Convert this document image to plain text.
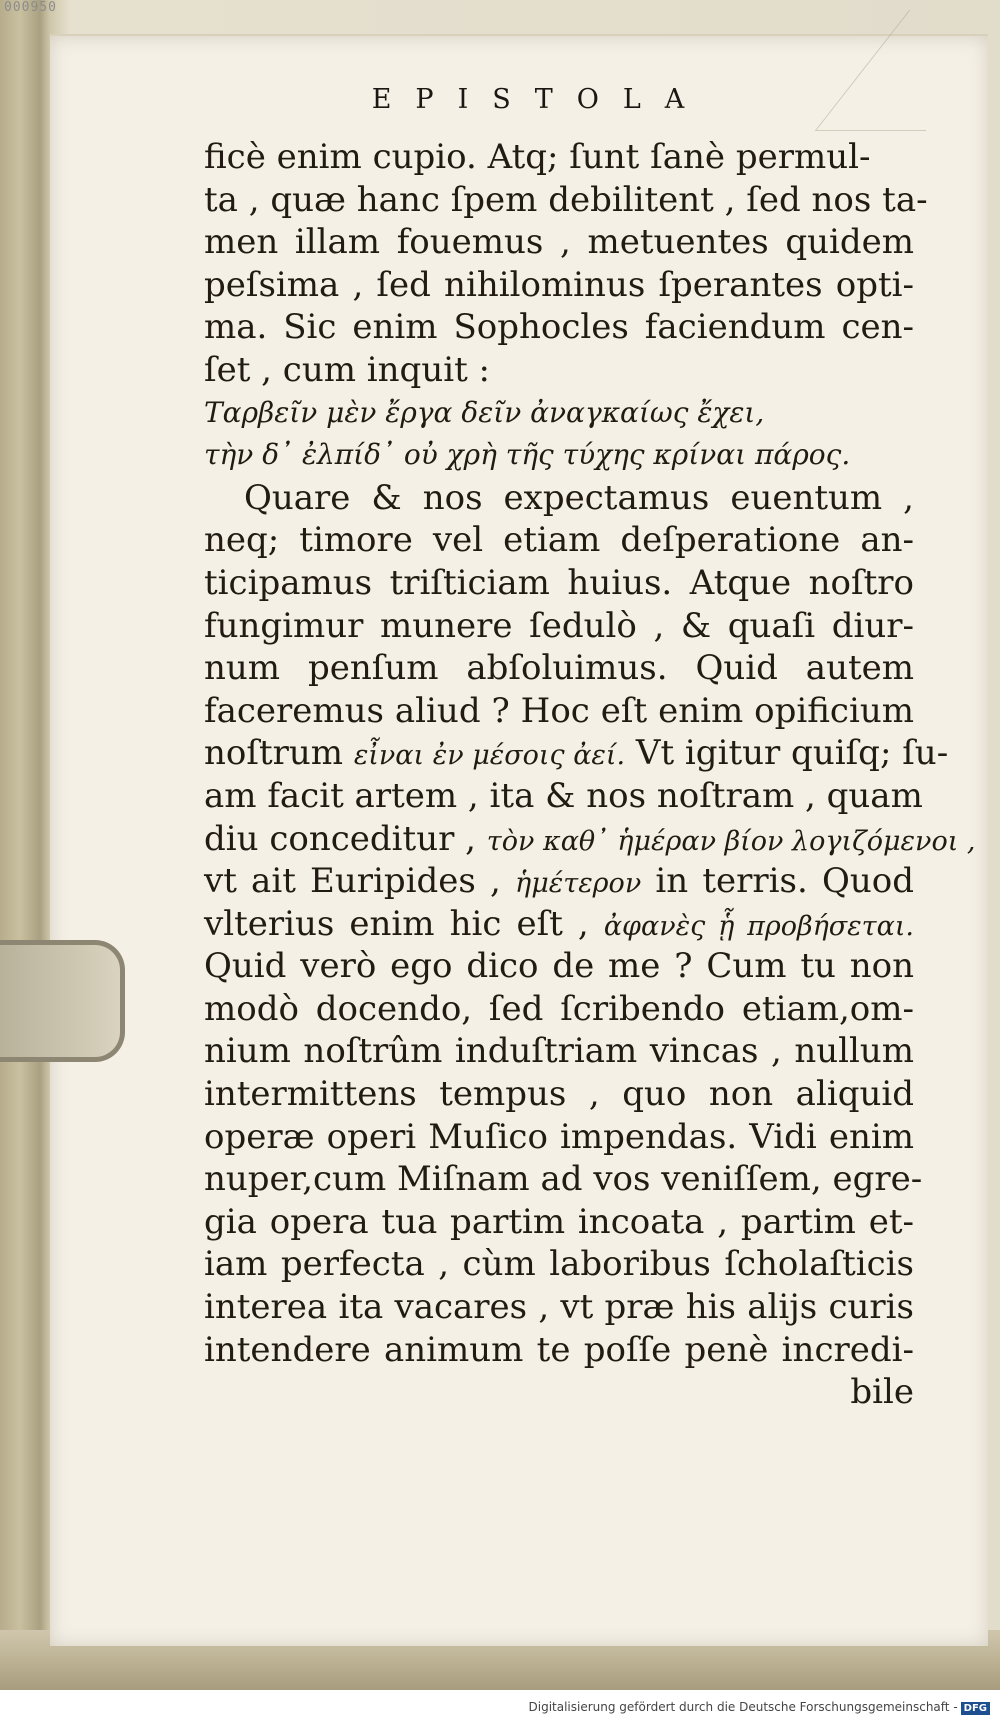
000950
EPISTOLA
ficè enim cupio. Atq; ſunt ſanè permul-
ta , quæ hanc ſpem debilitent , ſed nos ta-
men illam fouemus , metuentes quidem
peſsima , ſed nihilominus ſperantes opti-
ma. Sic enim Sophocles faciendum cen-
ſet , cum inquit :
Ταρβεῖν μὲν ἔργα δεῖν ἀναγκαίως ἔχει,
τὴν δ᾽ ἐλπίδ᾽ οὐ χρὴ τῆς τύχης κρίναι πάρος.
Quare & nos expectamus euentum ,
neq; timore vel etiam deſperatione an-
ticipamus triſticiam huius. Atque noſtro
fungimur munere ſedulò , & quaſi diur-
num penſum abſoluimus. Quid autem
faceremus aliud ? Hoc eſt enim opificium
noſtrum εἶναι ἐν μέσοις ἀεί. Vt igitur quiſq; ſu-
am facit artem , ita & nos noſtram , quam
diu conceditur , τὸν καθ᾽ ἡμέραν βίον λογιζόμενοι ,
vt ait Euripides , ἡμέτερον in terris. Quod
vlterius enim hic eſt , ἀφανὲς ᾗ προβήσεται.
Quid verò ego dico de me ? Cum tu non
modò docendo, ſed ſcribendo etiam,om-
nium noſtrûm induſtriam vincas , nullum
intermittens tempus , quo non aliquid
operæ operi Muſico impendas. Vidi enim
nuper,cum Miſnam ad vos veniſſem, egre-
gia opera tua partim incoata , partim et-
iam perfecta , cùm laboribus ſcholaſticis
interea ita vacares , vt præ his alijs curis
intendere animum te poſſe penè incredi-
bile
Digitalisierung gefördert durch die Deutsche Forschungsgemeinschaft - DFG
